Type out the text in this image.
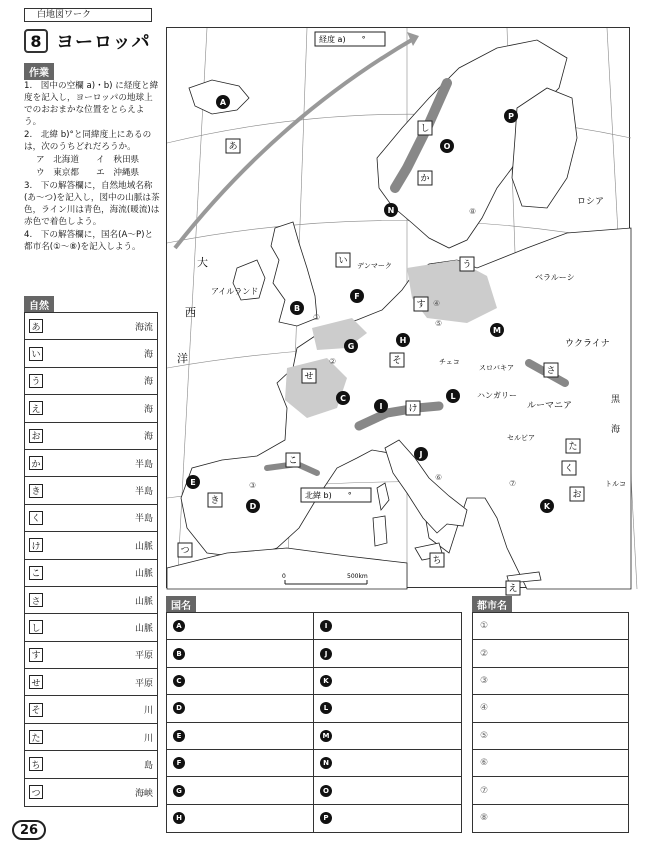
白地図ワーク
8 ヨーロッパ
作業
1.　図中の空欄 a)・b) に経度と緯度を記入し，ヨーロッパの地球上でのおおまかな位置をとらえよう。
2.　北緯 b)°と同緯度上にあるのは，次のうちどれだろうか。
ア　北海道　　イ　秋田県
ウ　東京都　　エ　沖縄県
3.　下の解答欄に，自然地域名称(あ〜つ)を記入し，図中の山脈は茶色，ライン川は青色，海流(暖流)は赤色で着色しよう。
4.　下の解答欄に，国名(A〜P)と都市名(①〜⑧)を記入しよう。
自然
あ	海流
い	海
う	海
え	海
お	海
か	半島
き	半島
く	半島
け	山脈
こ	山脈
さ	山脈
し	山脈
す	平原
せ	平原
そ	川
た	川
ち	島
つ	海峡
0	500km
経度 a)　　°
北緯 b)　　°
ロシア
ベラルーシ
ウクライナ
ルーマニア
ハンガリー
スロバキア
チェコ
セルビア
デンマーク
アイルランド
トルコ
大
西
洋
黒
海
A
B
C
D
E
F
G
H
I
J
K
L
M
N
O
P
あ
い	う
え
お
か
き
く
け
こ
さ
し
す
せ
そ
た
ち
つ
①
②
③
④
⑤
⑥
⑦
⑧
国名
A	I
B	J
C	K
D	L
E	M
F	N
G	O
H	P
都市名
①
②
③
④
⑤
⑥
⑦
⑧
26
